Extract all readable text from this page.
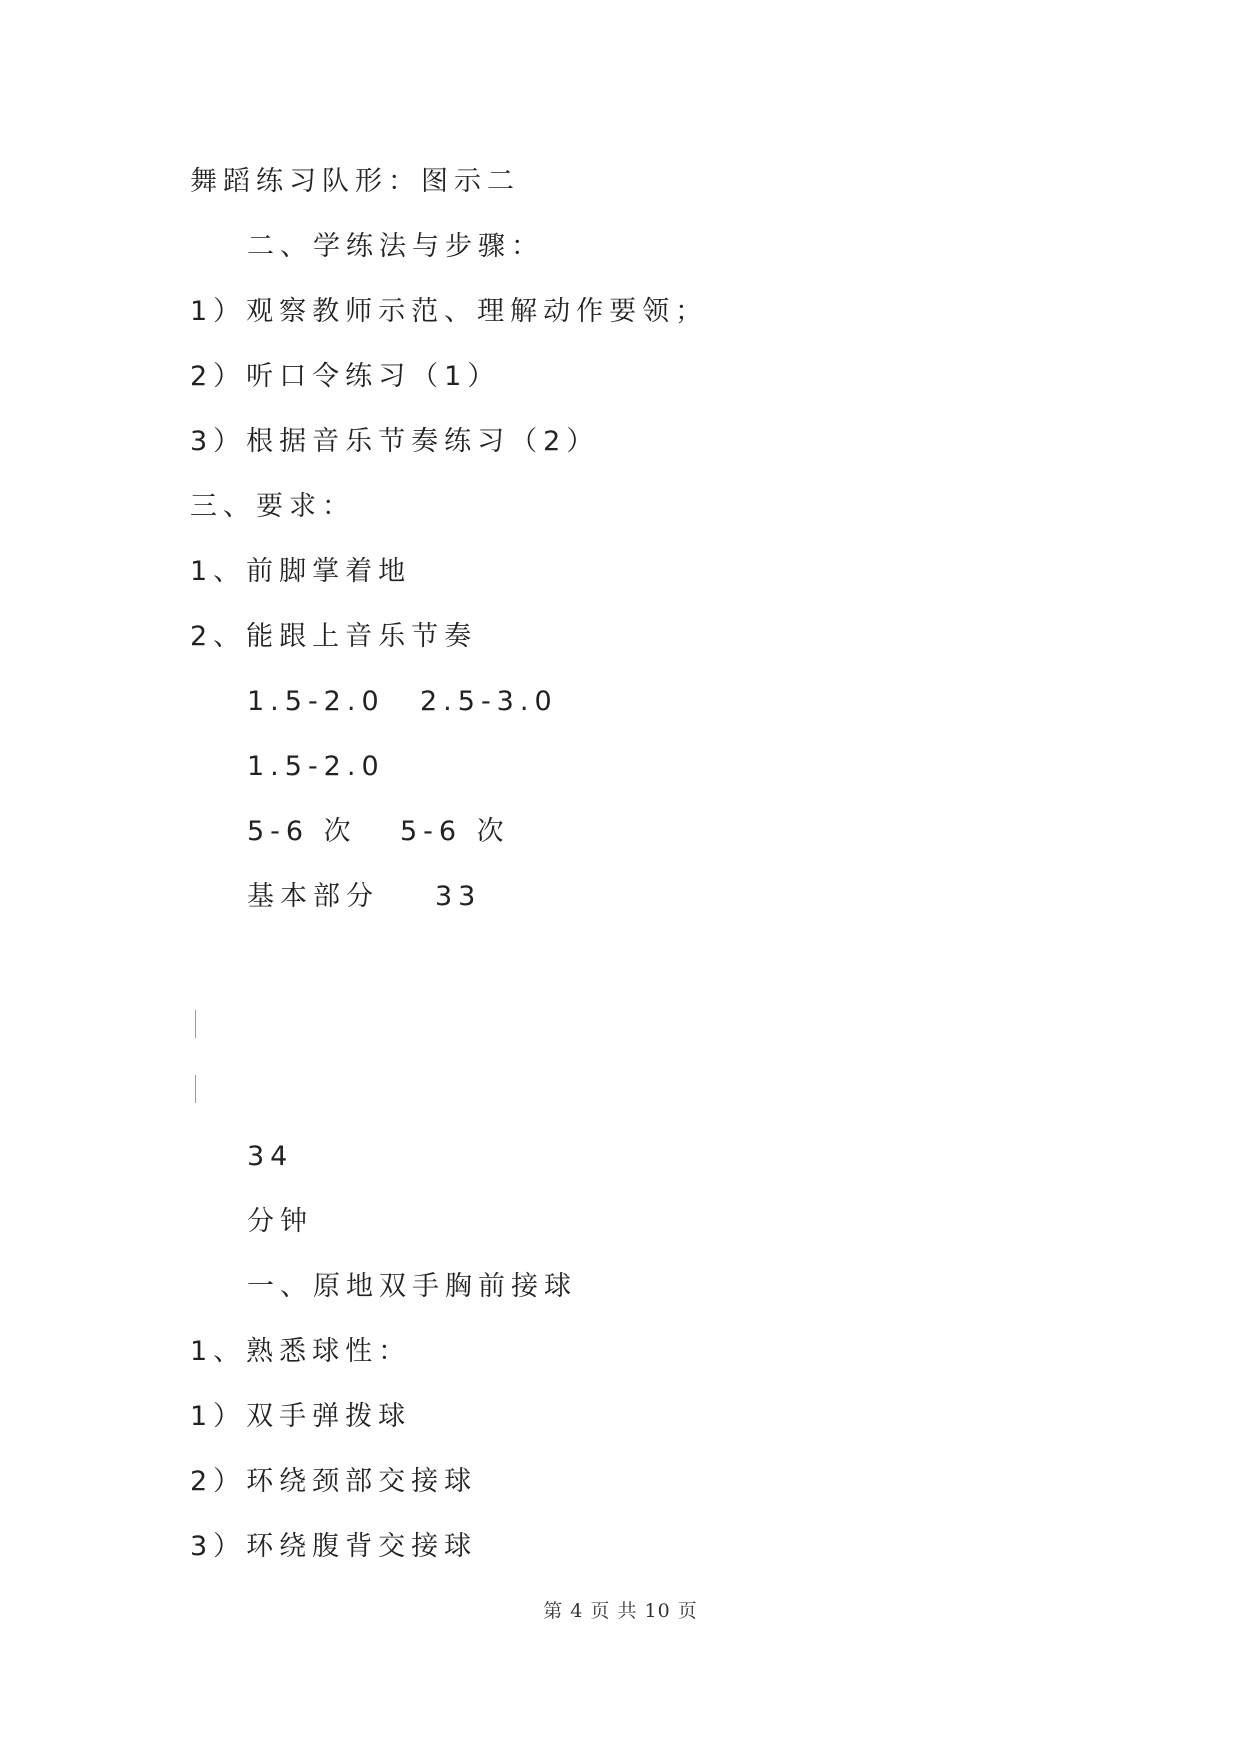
舞蹈练习队形：图示二
二、学练法与步骤：
1）观察教师示范、理解动作要领；
2）听口令练习（1）
3）根据音乐节奏练习（2）
三、要求：
1、前脚掌着地
2、能跟上音乐节奏
1.5-2.0 2.5-3.0
1.5-2.0
5-6 次 5-6 次
基本部分 33
34
分钟
一、原地双手胸前接球
1、熟悉球性：
1）双手弹拨球
2）环绕颈部交接球
3）环绕腹背交接球
第 4 页 共 10 页
